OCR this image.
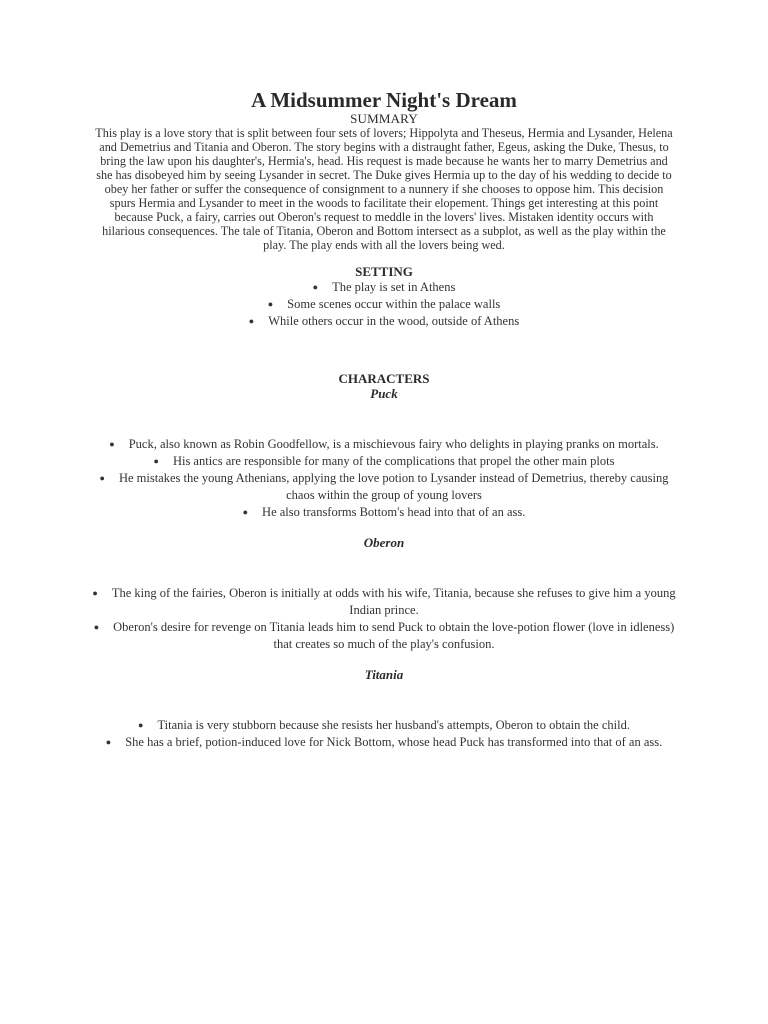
A Midsummer Night's Dream
SUMMARY

This play is a love story that is split between four sets of lovers; Hippolyta and Theseus, Hermia and Lysander, Helena and Demetrius and Titania and Oberon. The story begins with a distraught father, Egeus, asking the Duke, Thesus, to bring the law upon his daughter's, Hermia's, head. His request is made because he wants her to marry Demetrius and she has disobeyed him by seeing Lysander in secret. The Duke gives Hermia up to the day of his wedding to decide to obey her father or suffer the consequence of consignment to a nunnery if she chooses to oppose him. This decision spurs Hermia and Lysander to meet in the woods to facilitate their elopement. Things get interesting at this point because Puck, a fairy, carries out Oberon's request to meddle in the lovers' lives. Mistaken identity occurs with hilarious consequences. The tale of Titania, Oberon and Bottom intersect as a subplot, as well as the play within the play. The play ends with all the lovers being wed.

SETTING
● The play is set in Athens
● Some scenes occur within the palace walls
● While others occur in the wood, outside of Athens
CHARACTERS
Puck
● Puck, also known as Robin Goodfellow, is a mischievous fairy who delights in playing pranks on mortals.
● His antics are responsible for many of the complications that propel the other main plots
● He mistakes the young Athenians, applying the love potion to Lysander instead of Demetrius, thereby causing chaos within the group of young lovers
● He also transforms Bottom's head into that of an ass.
Oberon
● The king of the fairies, Oberon is initially at odds with his wife, Titania, because she refuses to give him a young Indian prince.
● Oberon's desire for revenge on Titania leads him to send Puck to obtain the love-potion flower (love in idleness) that creates so much of the play's confusion.
Titania
● Titania is very stubborn because she resists her husband's attempts, Oberon to obtain the child.
● She has a brief, potion-induced love for Nick Bottom, whose head Puck has transformed into that of an ass.
